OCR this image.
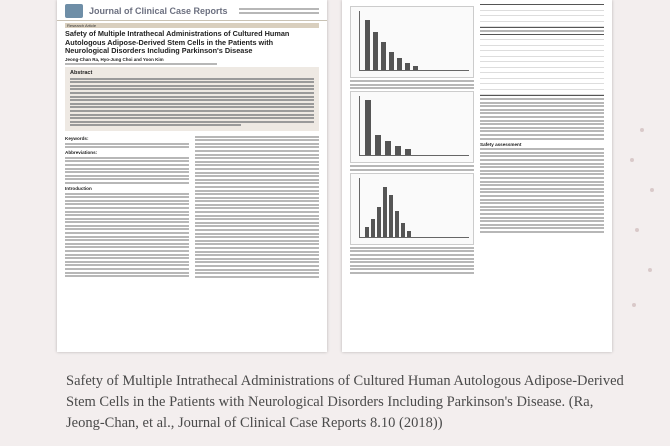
Journal of Clinical Case Reports
Research Article
Safety of Multiple Intrathecal Administrations of Cultured Human Autologous Adipose-Derived Stem Cells in the Patients with Neurological Disorders Including Parkinson's Disease
Jeong-Chan Ra, Hyo-Jung Choi and Yoon Kim
Abstract
Keywords:
Abbreviations:
Introduction
Safety assessment
Safety of Multiple Intrathecal Administrations of Cultured Human Autologous Adipose-Derived Stem Cells in the Patients with Neurological Disorders Including Parkinson's Disease. (Ra, Jeong-Chan, et al., Journal of Clinical Case Reports 8.10 (2018))
